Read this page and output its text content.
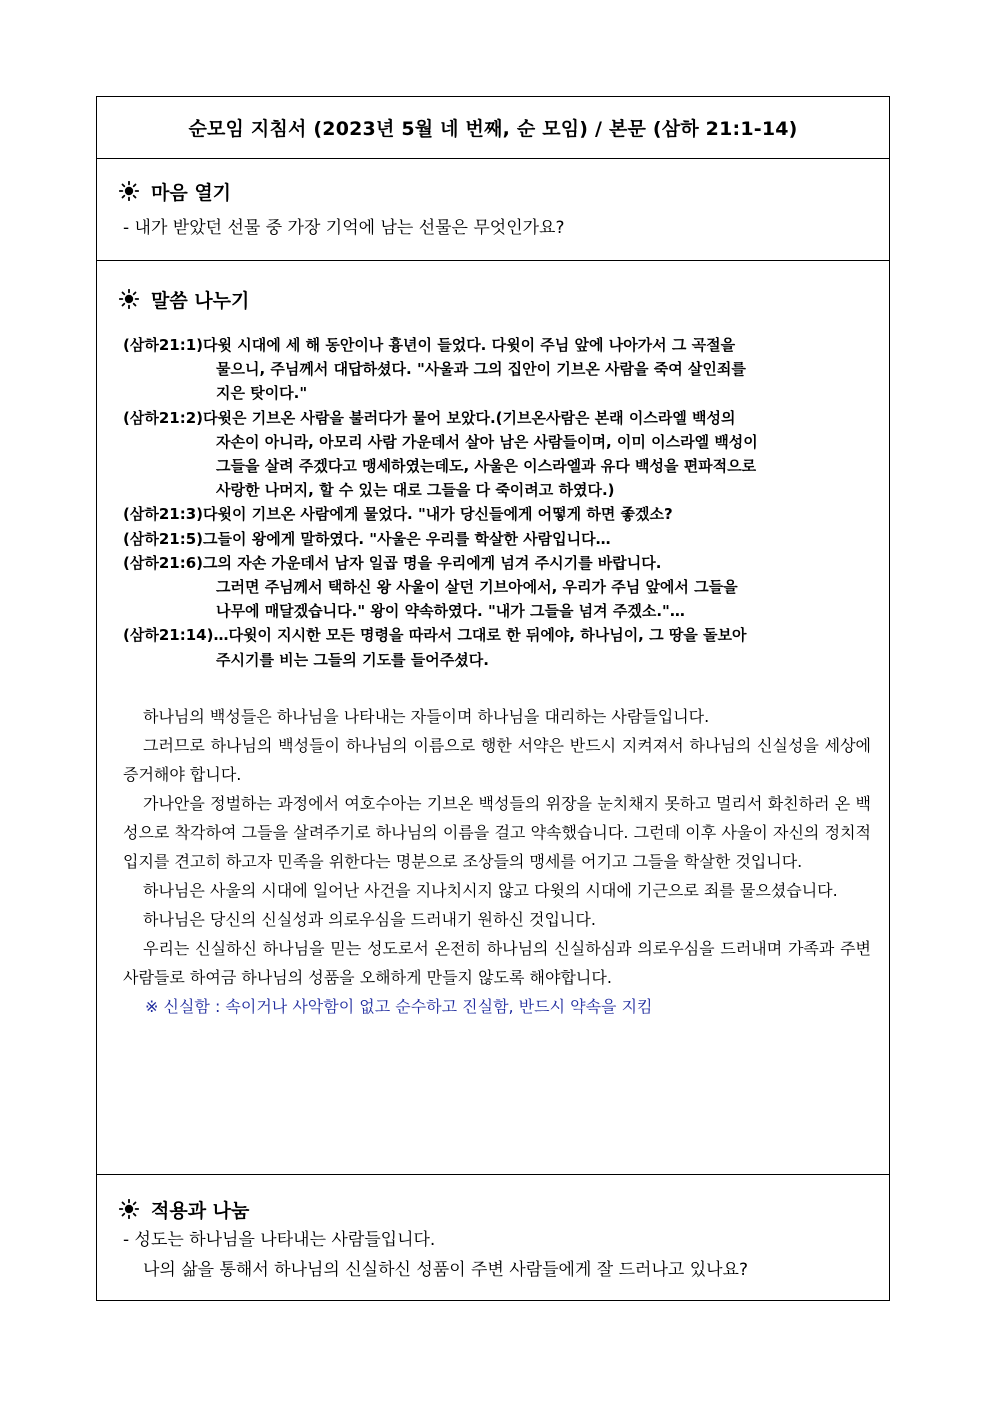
순모임 지침서 (2023년 5월 네 번째, 순 모임) / 본문 (삼하 21:1-14)
마음 열기
- 내가 받았던 선물 중 가장 기억에 남는 선물은 무엇인가요?
말씀 나누기
(삼하21:1)다윗 시대에 세 해 동안이나 흉년이 들었다. 다윗이 주님 앞에 나아가서 그 곡절을
물으니, 주님께서 대답하셨다. "사울과 그의 집안이 기브온 사람을 죽여 살인죄를
지은 탓이다."
(삼하21:2)다윗은 기브온 사람을 불러다가 물어 보았다.(기브온사람은 본래 이스라엘 백성의
자손이 아니라, 아모리 사람 가운데서 살아 남은 사람들이며, 이미 이스라엘 백성이
그들을 살려 주겠다고 맹세하였는데도, 사울은 이스라엘과 유다 백성을 편파적으로
사랑한 나머지, 할 수 있는 대로 그들을 다 죽이려고 하였다.)
(삼하21:3)다윗이 기브온 사람에게 물었다. "내가 당신들에게 어떻게 하면 좋겠소?
(삼하21:5)그들이 왕에게 말하였다. "사울은 우리를 학살한 사람입니다…
(삼하21:6)그의 자손 가운데서 남자 일곱 명을 우리에게 넘겨 주시기를 바랍니다.
그러면 주님께서 택하신 왕 사울이 살던 기브아에서, 우리가 주님 앞에서 그들을
나무에 매달겠습니다." 왕이 약속하였다. "내가 그들을 넘겨 주겠소."…
(삼하21:14)…다윗이 지시한 모든 명령을 따라서 그대로 한 뒤에야, 하나님이, 그 땅을 돌보아
주시기를 비는 그들의 기도를 들어주셨다.

하나님의 백성들은 하나님을 나타내는 자들이며 하나님을 대리하는 사람들입니다.

그러므로 하나님의 백성들이 하나님의 이름으로 행한 서약은 반드시 지켜져서 하나님의 신실성을 세상에 증거해야 합니다.

가나안을 정벌하는 과정에서 여호수아는 기브온 백성들의 위장을 눈치채지 못하고 멀리서 화친하러 온 백성으로 착각하여 그들을 살려주기로 하나님의 이름을 걸고 약속했습니다. 그런데 이후 사울이 자신의 정치적 입지를 견고히 하고자 민족을 위한다는 명분으로 조상들의 맹세를 어기고 그들을 학살한 것입니다.

하나님은 사울의 시대에 일어난 사건을 지나치시지 않고 다윗의 시대에 기근으로 죄를 물으셨습니다.

하나님은 당신의 신실성과 의로우심을 드러내기 원하신 것입니다.

우리는 신실하신 하나님을 믿는 성도로서 온전히 하나님의 신실하심과 의로우심을 드러내며 가족과 주변 사람들로 하여금 하나님의 성품을 오해하게 만들지 않도록 해야합니다.

※ 신실함 : 속이거나 사악함이 없고 순수하고 진실함, 반드시 약속을 지킴
적용과 나눔
- 성도는 하나님을 나타내는 사람들입니다.
나의 삶을 통해서 하나님의 신실하신 성품이 주변 사람들에게 잘 드러나고 있나요?
